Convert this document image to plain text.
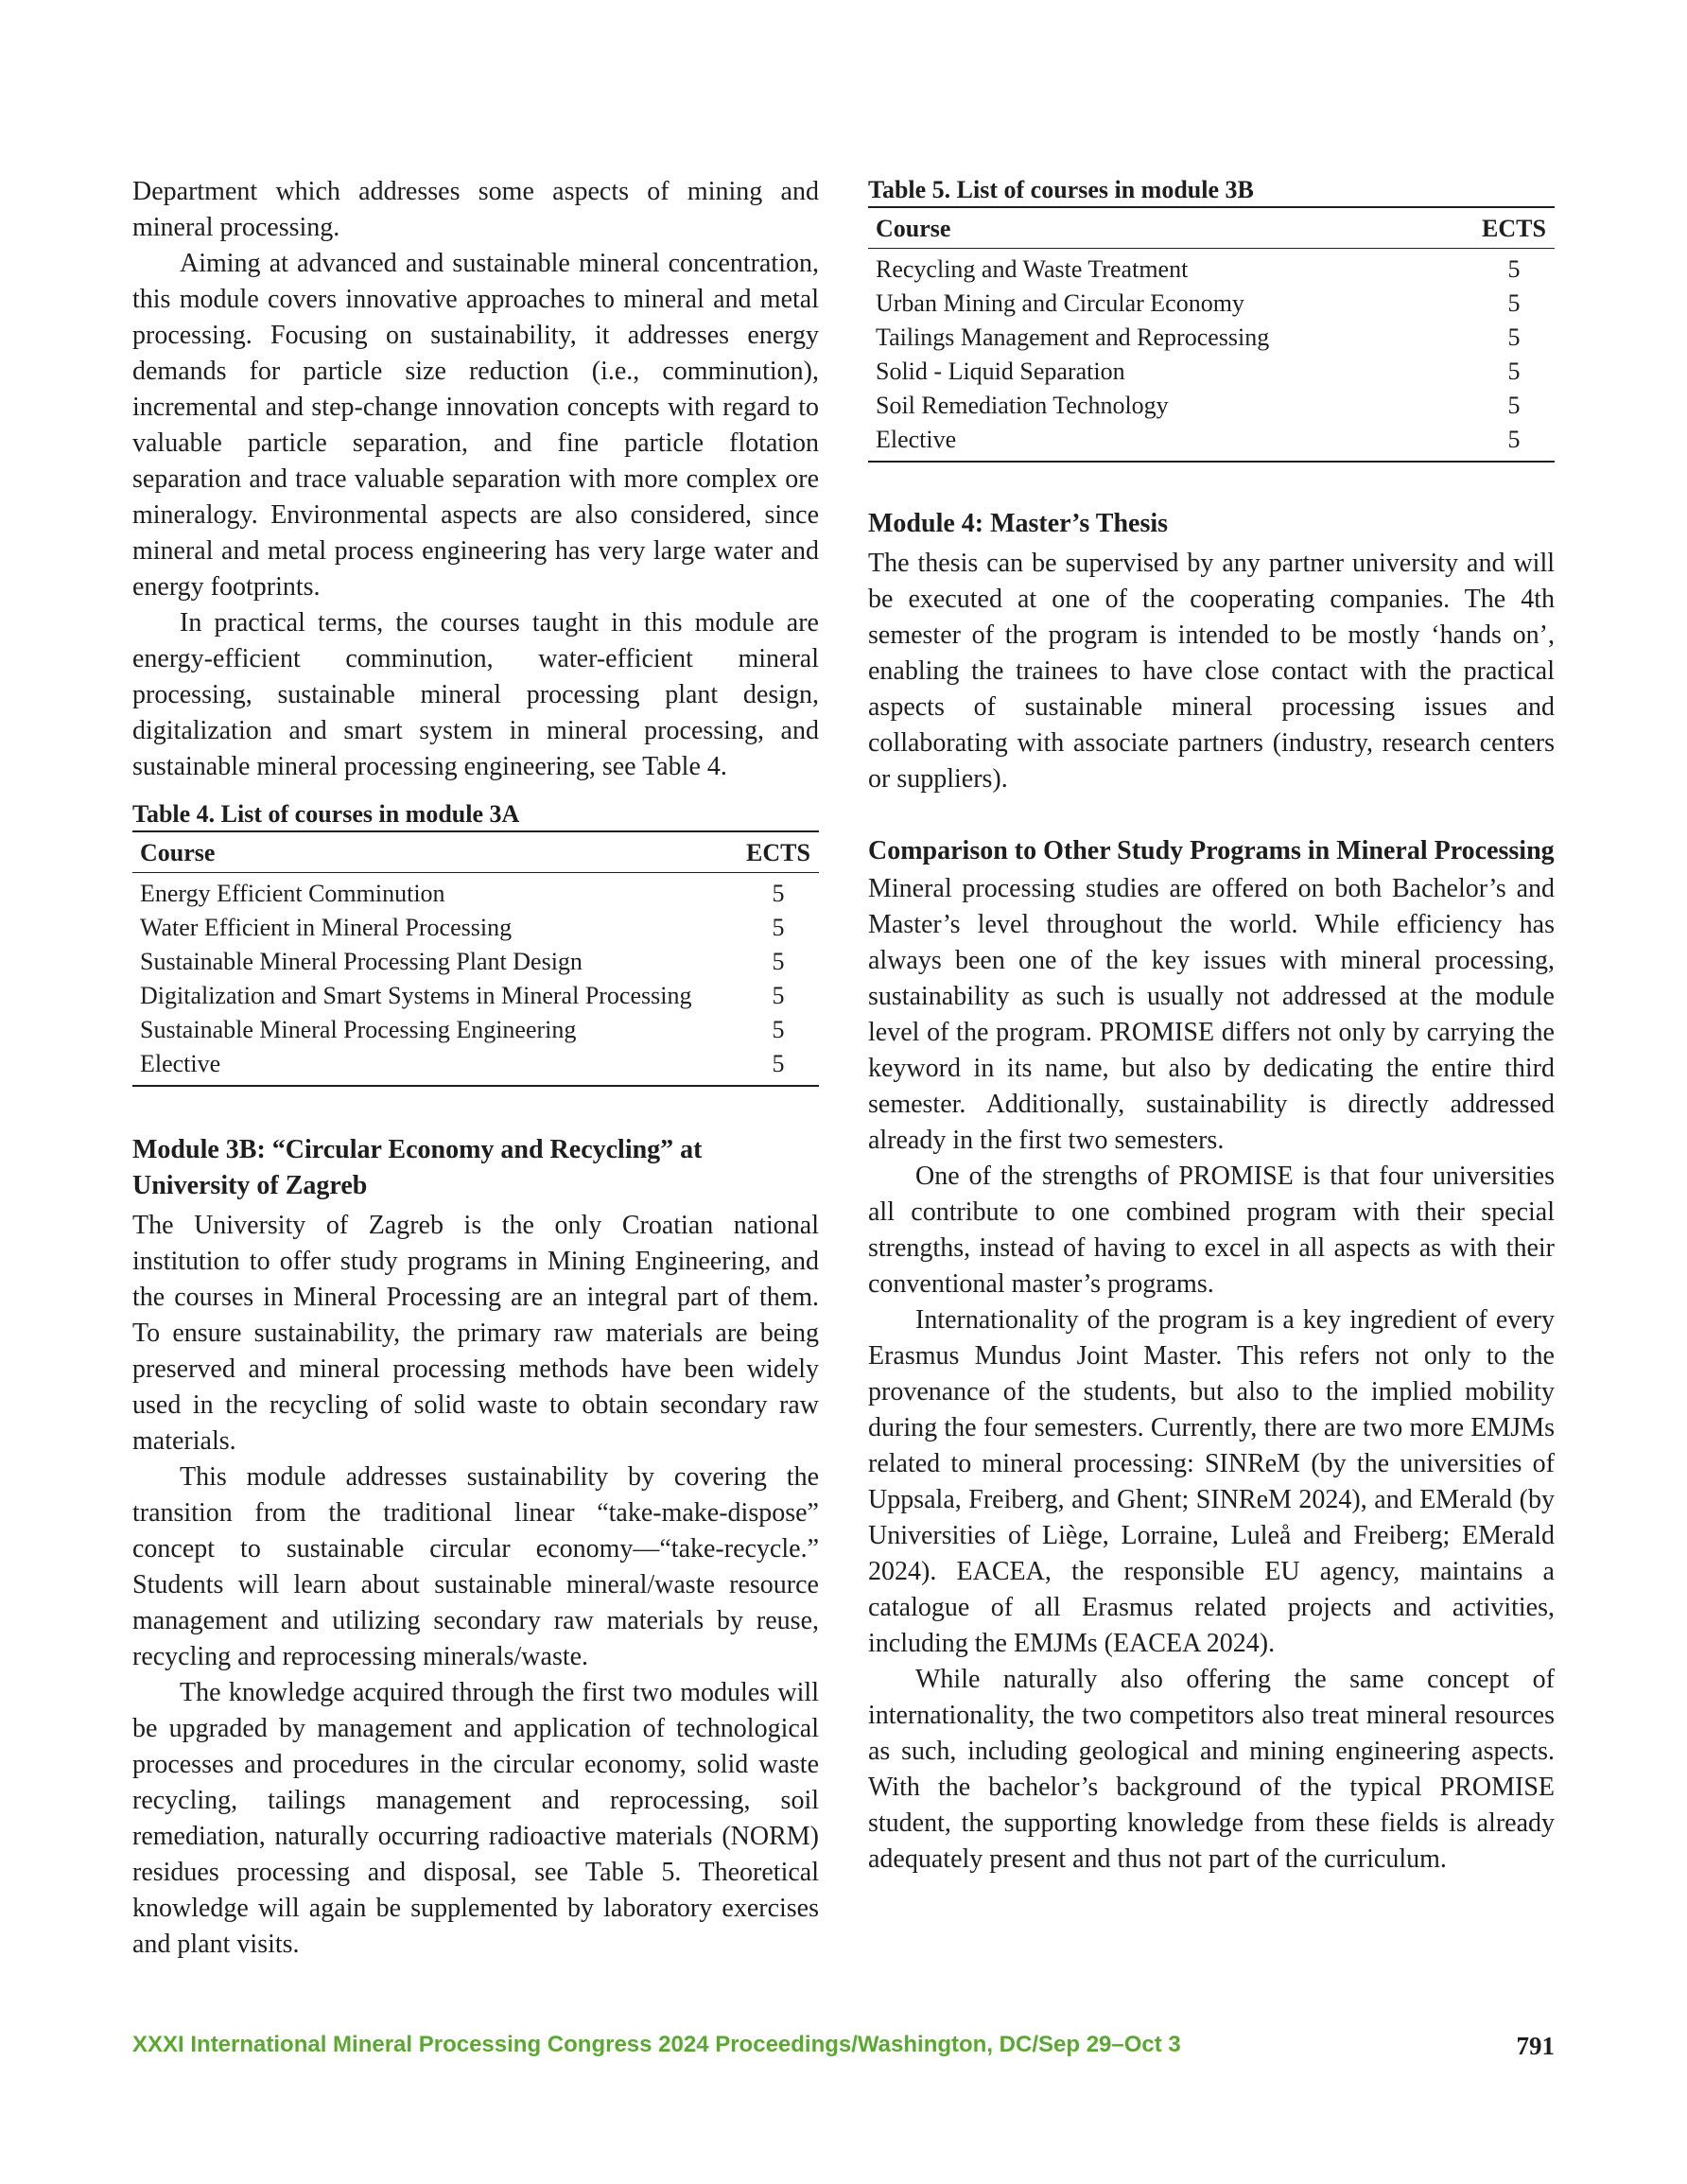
Department which addresses some aspects of mining and mineral processing.

Aiming at advanced and sustainable mineral concentration, this module covers innovative approaches to mineral and metal processing. Focusing on sustainability, it addresses energy demands for particle size reduction (i.e., comminution), incremental and step-change innovation concepts with regard to valuable particle separation, and fine particle flotation separation and trace valuable separation with more complex ore mineralogy. Environmental aspects are also considered, since mineral and metal process engineering has very large water and energy footprints.

In practical terms, the courses taught in this module are energy-efficient comminution, water-efficient mineral processing, sustainable mineral processing plant design, digitalization and smart system in mineral processing, and sustainable mineral processing engineering, see Table 4.

Table 4. List of courses in module 3A
Course	ECTS
Energy Efficient Comminution	5
Water Efficient in Mineral Processing	5
Sustainable Mineral Processing Plant Design	5
Digitalization and Smart Systems in Mineral Processing	5
Sustainable Mineral Processing Engineering	5
Elective	5
Module 3B: “Circular Economy and Recycling” at University of Zagreb

The University of Zagreb is the only Croatian national institution to offer study programs in Mining Engineering, and the courses in Mineral Processing are an integral part of them. To ensure sustainability, the primary raw materials are being preserved and mineral processing methods have been widely used in the recycling of solid waste to obtain secondary raw materials.

This module addresses sustainability by covering the transition from the traditional linear “take-make-dispose” concept to sustainable circular economy—“take-recycle.” Students will learn about sustainable mineral/waste resource management and utilizing secondary raw materials by reuse, recycling and reprocessing minerals/waste.

The knowledge acquired through the first two modules will be upgraded by management and application of technological processes and procedures in the circular economy, solid waste recycling, tailings management and reprocessing, soil remediation, naturally occurring radioactive materials (NORM) residues processing and disposal, see Table 5. Theoretical knowledge will again be supplemented by laboratory exercises and plant visits.

Table 5. List of courses in module 3B
Course	ECTS
Recycling and Waste Treatment	5
Urban Mining and Circular Economy	5
Tailings Management and Reprocessing	5
Solid - Liquid Separation	5
Soil Remediation Technology	5
Elective	5
Module 4: Master’s Thesis

The thesis can be supervised by any partner university and will be executed at one of the cooperating companies. The 4th semester of the program is intended to be mostly ‘hands on’, enabling the trainees to have close contact with the practical aspects of sustainable mineral processing issues and collaborating with associate partners (industry, research centers or suppliers).

Comparison to Other Study Programs in Mineral Processing

Mineral processing studies are offered on both Bachelor’s and Master’s level throughout the world. While efficiency has always been one of the key issues with mineral processing, sustainability as such is usually not addressed at the module level of the program. PROMISE differs not only by carrying the keyword in its name, but also by dedicating the entire third semester. Additionally, sustainability is directly addressed already in the first two semesters.

One of the strengths of PROMISE is that four universities all contribute to one combined program with their special strengths, instead of having to excel in all aspects as with their conventional master’s programs.

Internationality of the program is a key ingredient of every Erasmus Mundus Joint Master. This refers not only to the provenance of the students, but also to the implied mobility during the four semesters. Currently, there are two more EMJMs related to mineral processing: SINReM (by the universities of Uppsala, Freiberg, and Ghent; SINReM 2024), and EMerald (by Universities of Liège, Lorraine, Luleå and Freiberg; EMerald 2024). EACEA, the responsible EU agency, maintains a catalogue of all Erasmus related projects and activities, including the EMJMs (EACEA 2024).

While naturally also offering the same concept of internationality, the two competitors also treat mineral resources as such, including geological and mining engineering aspects. With the bachelor’s background of the typical PROMISE student, the supporting knowledge from these fields is already adequately present and thus not part of the curriculum.

XXXI International Mineral Processing Congress 2024 Proceedings/Washington, DC/Sep 29–Oct 3	791
